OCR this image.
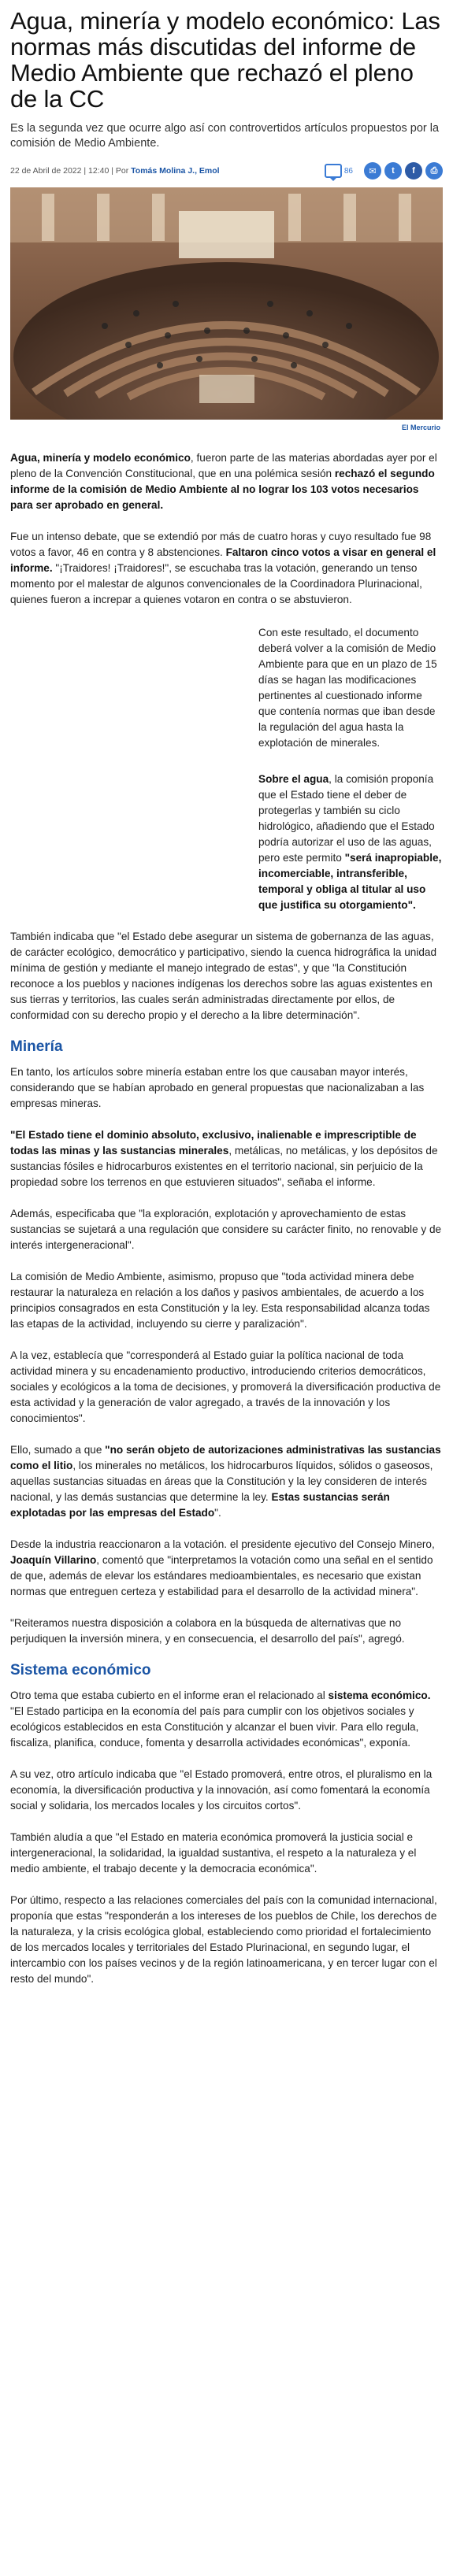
Agua, minería y modelo económico: Las normas más discutidas del informe de Medio Ambiente que rechazó el pleno de la CC

Es la segunda vez que ocurre algo así con controvertidos artículos propuestos por la comisión de Medio Ambiente.

22 de Abril de 2022 | 12:40 | Por Tomás Molina J., Emol	86	✉	t	f	⎙
El Mercurio

Agua, minería y modelo económico, fueron parte de las materias abordadas ayer por el pleno de la Convención Constitucional, que en una polémica sesión rechazó el segundo informe de la comisión de Medio Ambiente al no lograr los 103 votos necesarios para ser aprobado en general.

Fue un intenso debate, que se extendió por más de cuatro horas y cuyo resultado fue 98 votos a favor, 46 en contra y 8 abstenciones. Faltaron cinco votos a visar en general el informe. "¡Traidores! ¡Traidores!", se escuchaba tras la votación, generando un tenso momento por el malestar de algunos convencionales de la Coordinadora Plurinacional, quienes fueron a increpar a quienes votaron en contra o se abstuvieron.

Con este resultado, el documento deberá volver a la comisión de Medio Ambiente para que en un plazo de 15 días se hagan las modificaciones pertinentes al cuestionado informe que contenía normas que iban desde la regulación del agua hasta la explotación de minerales.

Sobre el agua, la comisión proponía que el Estado tiene el deber de protegerlas y también su ciclo hidrológico, añadiendo que el Estado podría autorizar el uso de las aguas, pero este permito "será inapropiable, incomerciable, intransferible, temporal y obliga al titular al uso que justifica su otorgamiento".

También indicaba que "el Estado debe asegurar un sistema de gobernanza de las aguas, de carácter ecológico, democrático y participativo, siendo la cuenca hidrográfica la unidad mínima de gestión y mediante el manejo integrado de estas", y que "la Constitución reconoce a los pueblos y naciones indígenas los derechos sobre las aguas existentes en sus tierras y territorios, las cuales serán administradas directamente por ellos, de conformidad con su derecho propio y el derecho a la libre determinación".

Minería

En tanto, los artículos sobre minería estaban entre los que causaban mayor interés, considerando que se habían aprobado en general propuestas que nacionalizaban a las empresas mineras.

"El Estado tiene el dominio absoluto, exclusivo, inalienable e imprescriptible de todas las minas y las sustancias minerales, metálicas, no metálicas, y los depósitos de sustancias fósiles e hidrocarburos existentes en el territorio nacional, sin perjuicio de la propiedad sobre los terrenos en que estuvieren situados", señaba el informe.

Además, especificaba que "la exploración, explotación y aprovechamiento de estas sustancias se sujetará a una regulación que considere su carácter finito, no renovable y de interés intergeneracional".

La comisión de Medio Ambiente, asimismo, propuso que "toda actividad minera debe restaurar la naturaleza en relación a los daños y pasivos ambientales, de acuerdo a los principios consagrados en esta Constitución y la ley. Esta responsabilidad alcanza todas las etapas de la actividad, incluyendo su cierre y paralización".

A la vez, establecía que "corresponderá al Estado guiar la política nacional de toda actividad minera y su encadenamiento productivo, introduciendo criterios democráticos, sociales y ecológicos a la toma de decisiones, y promoverá la diversificación productiva de esta actividad y la generación de valor agregado, a través de la innovación y los conocimientos".

Ello, sumado a que "no serán objeto de autorizaciones administrativas las sustancias como el litio, los minerales no metálicos, los hidrocarburos líquidos, sólidos o gaseosos, aquellas sustancias situadas en áreas que la Constitución y la ley consideren de interés nacional, y las demás sustancias que determine la ley. Estas sustancias serán explotadas por las empresas del Estado".

Desde la industria reaccionaron a la votación. el presidente ejecutivo del Consejo Minero, Joaquín Villarino, comentó que "interpretamos la votación como una señal en el sentido de que, además de elevar los estándares medioambientales, es necesario que existan normas que entreguen certeza y estabilidad para el desarrollo de la actividad minera".

"Reiteramos nuestra disposición a colabora en la búsqueda de alternativas que no perjudiquen la inversión minera, y en consecuencia, el desarrollo del país", agregó.

Sistema económico

Otro tema que estaba cubierto en el informe eran el relacionado al sistema económico. "El Estado participa en la economía del país para cumplir con los objetivos sociales y ecológicos establecidos en esta Constitución y alcanzar el buen vivir. Para ello regula, fiscaliza, planifica, conduce, fomenta y desarrolla actividades económicas", exponía.

A su vez, otro artículo indicaba que "el Estado promoverá, entre otros, el pluralismo en la economía, la diversificación productiva y la innovación, así como fomentará la economía social y solidaria, los mercados locales y los circuitos cortos".

También aludía a que "el Estado en materia económica promoverá la justicia social e intergeneracional, la solidaridad, la igualdad sustantiva, el respeto a la naturaleza y el medio ambiente, el trabajo decente y la democracia económica".

Por último, respecto a las relaciones comerciales del país con la comunidad internacional, proponía que estas "responderán a los intereses de los pueblos de Chile, los derechos de la naturaleza, y la crisis ecológica global, estableciendo como prioridad el fortalecimiento de los mercados locales y territoriales del Estado Plurinacional, en segundo lugar, el intercambio con los países vecinos y de la región latinoamericana, y en tercer lugar con el resto del mundo".
